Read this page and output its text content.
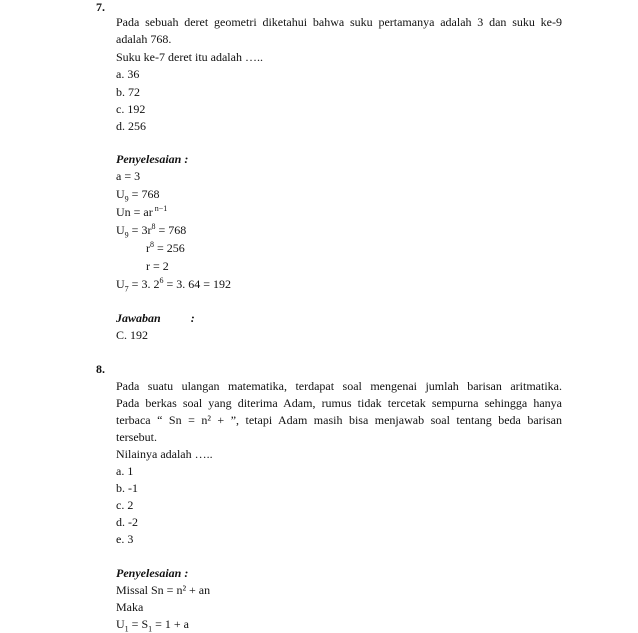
7.
Pada sebuah deret geometri diketahui bahwa suku pertamanya adalah 3 dan suku ke-9
adalah 768.
Suku ke-7 deret itu adalah …..
a. 36
b. 72
c. 192
d. 256
Penyelesaian :
a = 3
$U_9 = 768$
Un = ar $^{n-1}$
$U_9 = 3r^8 = 768$
$r^8 = 256$
r = 2
$U_7 = 3$. $2^6 = 3$. 64 = 192
Jawaban	:
C. 192
8.
Pada suatu ulangan matematika, terdapat soal mengenai jumlah barisan aritmatika.
Pada berkas soal yang diterima Adam, rumus tidak tercetak sempurna sehingga hanya
terbaca “ Sn = n² + ”, tetapi Adam masih bisa menjawab soal tentang beda barisan
tersebut.
Nilainya adalah …..
a. 1
b. -1
c. 2
d. -2
e. 3
Penyelesaian :
Missal Sn = n² + an
Maka
$U_1 = S_1 = 1 + a$
